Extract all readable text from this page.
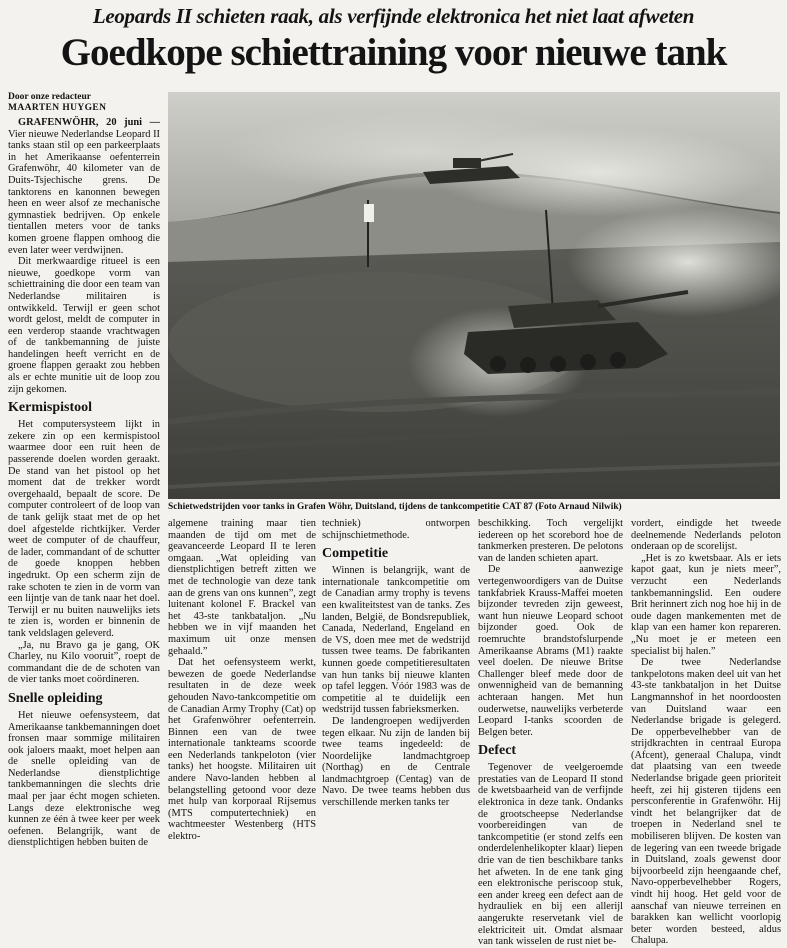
Leopards II schieten raak, als verfijnde elektronica het niet laat afweten
Goedkope schiettraining voor nieuwe tank
Schietwedstrijden voor tanks in Grafen Wöhr, Duitsland, tijdens de tankcompetitie CAT 87 (Foto Arnaud Nilwik)
Door onze redacteur
MAARTEN HUYGEN

GRAFENWÖHR, 20 juni — Vier nieuwe Nederlandse Leopard II tanks staan stil op een parkeerplaats in het Amerikaanse oefenterrein Grafenwöhr, 40 kilometer van de Duits-Tsjechische grens. De tanktorens en kanonnen bewegen heen en weer alsof ze mechanische gymnastiek bedrijven. Op enkele tientallen meters voor de tanks komen groene flappen omhoog die even later weer verdwijnen.

Dit merkwaardige ritueel is een nieuwe, goedkope vorm van schiettraining die door een team van Nederlandse militairen is ontwikkeld. Terwijl er geen schot wordt gelost, meldt de computer in een verderop staande vrachtwagen of de tankbemanning de juiste handelingen heeft verricht en de groene flappen geraakt zou hebben als er echte munitie uit de loop zou zijn gekomen.

Kermispistool

Het computersysteem lijkt in zekere zin op een kermispistool waarmee door een ruit heen de passerende doelen worden geraakt. De stand van het pistool op het moment dat de trekker wordt overgehaald, bepaalt de score. De computer controleert of de loop van de tank gelijk staat met de op het doel afgestelde richtkijker. Verder weet de computer of de chauffeur, de lader, commandant of de schutter de goede knoppen hebben ingedrukt. Op een scherm zijn de rake schoten te zien in de vorm van een lijntje van de tank naar het doel. Terwijl er nu buiten nauwelijks iets te zien is, worden er binnenin de tank veldslagen geleverd.

„Ja, nu Bravo ga je gang, OK Charley, nu Kilo vooruit”, roept de commandant die de de schoten van de vier tanks moet coördineren.

Snelle opleiding

Het nieuwe oefensysteem, dat Amerikaanse tankbemanningen doet fronsen maar sommige militairen ook jaloers maakt, moet helpen aan de snelle opleiding van de Nederlandse dienstplichtige tankbemanningen die slechts drie maal per jaar écht mogen schieten. Langs deze elektronische weg kunnen ze één à twee keer per week oefenen. Belangrijk, want de dienstplichtigen hebben buiten de

algemene training maar tien maanden de tijd om met de geavanceerde Leopard II te leren omgaan. „Wat opleiding van dienstplichtigen betreft zitten we met de technologie van deze tank aan de grens van ons kunnen”, zegt luitenant kolonel F. Brackel van het 43-ste tankbataljon. „Nu hebben we in vijf maanden het maximum uit onze mensen gehaald.”

Dat het oefensysteem werkt, bewezen de goede Nederlandse resultaten in de deze week gehouden Navo-tankcompetitie om de Canadian Army Trophy (Cat) op het Grafenwöhrer oefenterrein. Binnen een van de twee internationale tankteams scoorde een Nederlands tankpeloton (vier tanks) het hoogste. Militairen uit andere Navo-landen hebben al belangstelling getoond voor deze met hulp van korporaal Rijsemus (MTS computertechniek) en wachtmeester Westenberg (HTS elektro-

techniek) ontworpen schijnschietmethode.

Competitie

Winnen is belangrijk, want de internationale tankcompetitie om de Canadian army trophy is tevens een kwaliteitstest van de tanks. Zes landen, België, de Bondsrepubliek, Canada, Nederland, Engeland en de VS, doen mee met de wedstrijd tussen twee teams. De fabrikanten kunnen goede competitieresultaten van hun tanks bij nieuwe klanten op tafel leggen. Vóór 1983 was de competitie al te duidelijk een wedstrijd tussen fabrieksmerken.

De landengroepen wedijverden tegen elkaar. Nu zijn de landen bij twee teams ingedeeld: de Noordelijke landmachtgroep (Northag) en de Centrale landmachtgroep (Centag) van de Navo. De twee teams hebben dus verschillende merken tanks ter

beschikking. Toch vergelijkt iedereen op het scorebord hoe de tankmerken presteren. De pelotons van de landen schieten apart.

De aanwezige vertegenwoordigers van de Duitse tankfabriek Krauss-Maffei moeten bijzonder tevreden zijn geweest, want hun nieuwe Leopard schoot bijzonder goed. Ook de roemruchte brandstofslurpende Amerikaanse Abrams (M1) raakte veel doelen. De nieuwe Britse Challenger bleef mede door de onwennigheid van de bemanning achteraan hangen. Met hun ouderwetse, nauwelijks verbeterde Leopard I-tanks scoorden de Belgen beter.

Defect

Tegenover de veelgeroemde prestaties van de Leopard II stond de kwetsbaarheid van de verfijnde elektronica in deze tank. Ondanks de grootscheepse Nederlandse voorbereidingen van de tankcompetitie (er stond zelfs een onderdelenhelikopter klaar) liepen drie van de tien beschikbare tanks het afweten. In de ene tank ging een elektronische periscoop stuk, een ander kreeg een defect aan de hydrauliek en bij een allerijl aangerukte reservetank viel de elektriciteit uit. Omdat alsmaar van tank wisselen de rust niet be-

vordert, eindigde het tweede deelnemende Nederlands peloton onderaan op de scorelijst.

„Het is zo kwetsbaar. Als er iets kapot gaat, kun je niets meer”, verzucht een Nederlands tankbemanningslid. Een oudere Brit herinnert zich nog hoe hij in de oude dagen mankementen met de klap van een hamer kon repareren. „Nu moet je er meteen een specialist bij halen.”

De twee Nederlandse tankpelotons maken deel uit van het 43-ste tankbataljon in het Duitse Langmannshof in het noordoosten van Duitsland waar een Nederlandse brigade is gelegerd. De opperbevelhebber van de strijdkrachten in centraal Europa (Afcent), generaal Chalupa, vindt dat plaatsing van een tweede Nederlandse brigade geen prioriteit heeft, zei hij gisteren tijdens een persconferentie in Grafenwöhr. Hij vindt het belangrijker dat de troepen in Nederland snel te mobiliseren blijven. De kosten van de legering van een tweede brigade in Duitsland, zoals gewenst door bijvoorbeeld zijn heengaande chef, Navo-opperbevelhebber Rogers, vindt hij hoog. Het geld voor de aanschaf van nieuwe terreinen en barakken kan wellicht voorlopig beter worden besteed, aldus Chalupa.
